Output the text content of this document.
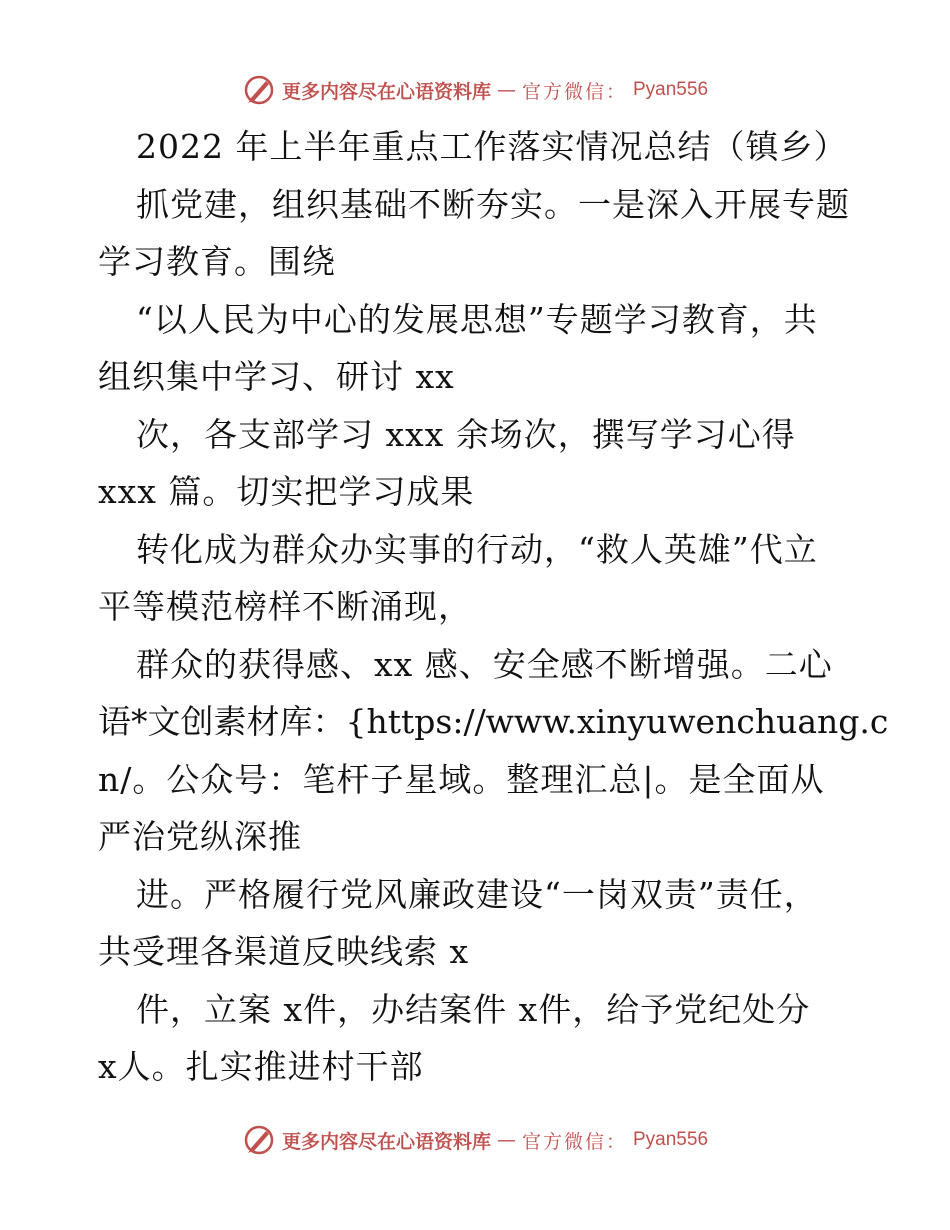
更多内容尽在心语资料库 — 官方微信： Pyan556
2022 年上半年重点工作落实情况总结（镇乡）
抓党建，组织基础不断夯实。一是深入开展专题
学习教育。围绕
“以人民为中心的发展思想”专题学习教育，共
组织集中学习、研讨 xx
次，各支部学习 xxx 余场次，撰写学习心得
xxx 篇。切实把学习成果
转化成为群众办实事的行动，“救人英雄”代立
平等模范榜样不断涌现，
群众的获得感、xx 感、安全感不断增强。二心
语*文创素材库：{https://www.xinyuwenchuang.c
n/。公众号：笔杆子星域。整理汇总|。是全面从
严治党纵深推
进。严格履行党风廉政建设“一岗双责”责任，
共受理各渠道反映线索 x
件，立案 x件，办结案件 x件，给予党纪处分
x人。扎实推进村干部
更多内容尽在心语资料库 — 官方微信： Pyan556
